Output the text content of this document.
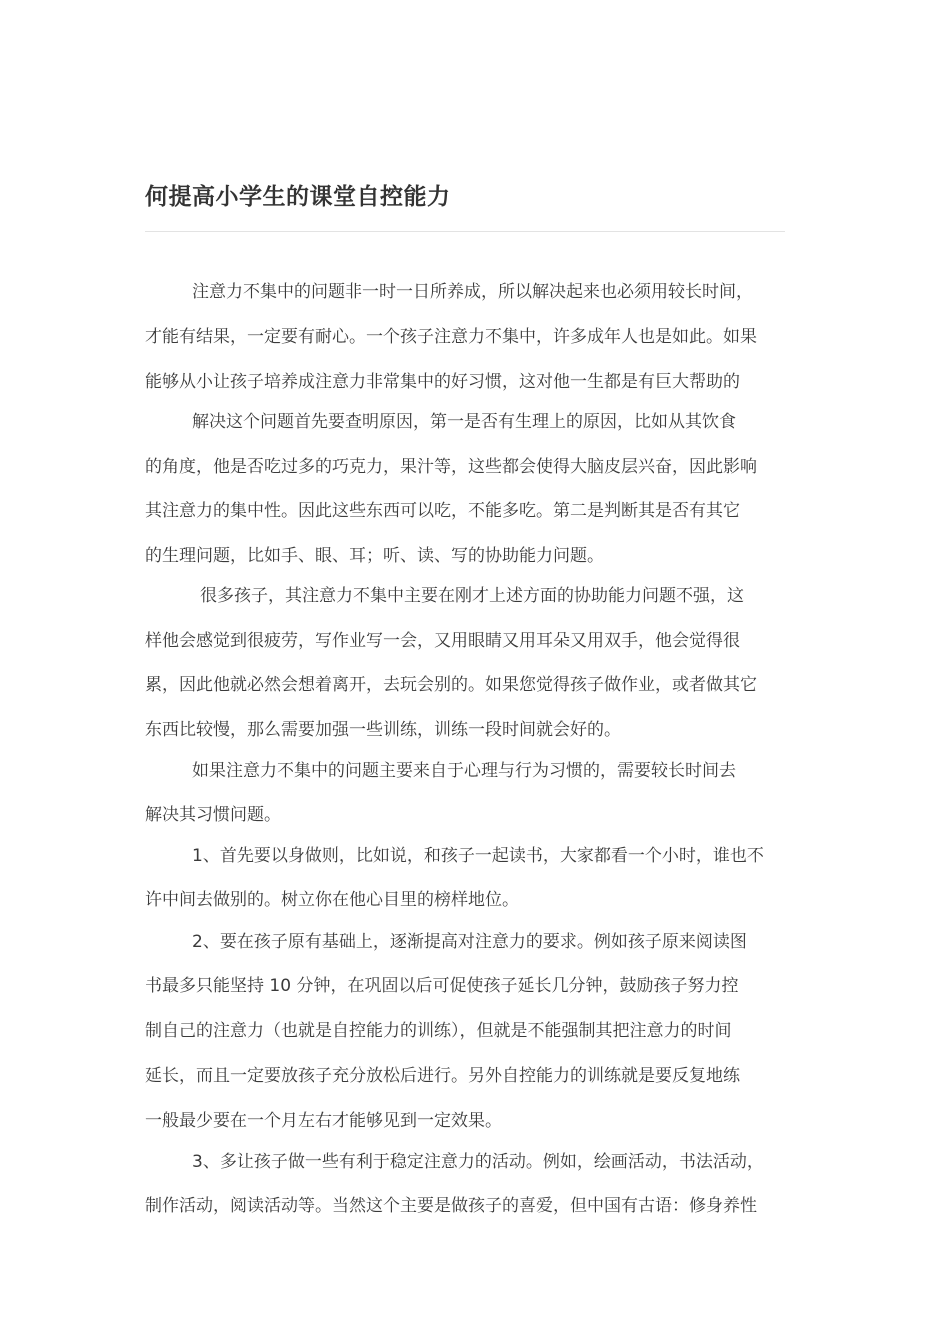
何提高小学生的课堂自控能力

注意力不集中的问题非一时一日所养成，所以解决起来也必须用较长时间，

才能有结果，一定要有耐心。一个孩子注意力不集中，许多成年人也是如此。如果

能够从小让孩子培养成注意力非常集中的好习惯，这对他一生都是有巨大帮助的

解决这个问题首先要查明原因，第一是否有生理上的原因，比如从其饮食

的角度，他是否吃过多的巧克力，果汁等，这些都会使得大脑皮层兴奋，因此影响

其注意力的集中性。因此这些东西可以吃，不能多吃。第二是判断其是否有其它

的生理问题，比如手、眼、耳；听、读、写的协助能力问题。

很多孩子，其注意力不集中主要在刚才上述方面的协助能力问题不强，这

样他会感觉到很疲劳，写作业写一会，又用眼睛又用耳朵又用双手，他会觉得很

累，因此他就必然会想着离开，去玩会别的。如果您觉得孩子做作业，或者做其它

东西比较慢，那么需要加强一些训练，训练一段时间就会好的。

如果注意力不集中的问题主要来自于心理与行为习惯的，需要较长时间去

解决其习惯问题。

1、首先要以身做则，比如说，和孩子一起读书，大家都看一个小时，谁也不

许中间去做别的。树立你在他心目里的榜样地位。

2、要在孩子原有基础上，逐渐提高对注意力的要求。例如孩子原来阅读图

书最多只能坚持 10 分钟，在巩固以后可促使孩子延长几分钟，鼓励孩子努力控

制自己的注意力（也就是自控能力的训练），但就是不能强制其把注意力的时间

延长，而且一定要放孩子充分放松后进行。另外自控能力的训练就是要反复地练

一般最少要在一个月左右才能够见到一定效果。

3、多让孩子做一些有利于稳定注意力的活动。例如，绘画活动，书法活动，

制作活动，阅读活动等。当然这个主要是做孩子的喜爱，但中国有古语：修身养性
